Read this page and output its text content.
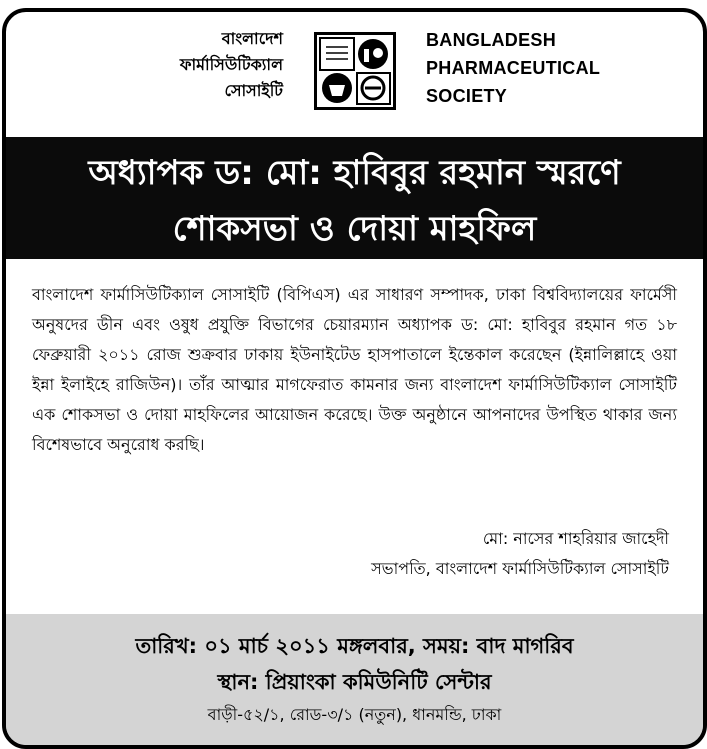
বাংলাদেশ
ফার্মাসিউটিক্যাল
সোসাইটি
BANGLADESH
PHARMACEUTICAL
SOCIETY
অধ্যাপক ড: মো: হাবিবুর রহমান স্মরণে
শোকসভা ও দোয়া মাহফিল
বাংলাদেশ ফার্মাসিউটিক্যাল সোসাইটি (বিপিএস) এর সাধারণ সম্পাদক, ঢাকা বিশ্ববিদ্যালয়ের ফার্মেসী অনুষদের ডীন এবং ওষুধ প্রযুক্তি বিভাগের চেয়ারম্যান অধ্যাপক ড: মো: হাবিবুর রহমান গত ১৮ ফেব্রুয়ারী ২০১১ রোজ শুক্রবার ঢাকায় ইউনাইটেড হাসপাতালে ইন্তেকাল করেছেন (ইন্নালিল্লাহে ওয়া ইন্না ইলাইহে রাজিউন)। তাঁর আত্মার মাগফেরাত কামনার জন্য বাংলাদেশ ফার্মাসিউটিক্যাল সোসাইটি এক শোকসভা ও দোয়া মাহফিলের আয়োজন করেছে। উক্ত অনুষ্ঠানে আপনাদের উপস্থিত থাকার জন্য বিশেষভাবে অনুরোধ করছি।
মো: নাসের শাহরিয়ার জাহেদী
সভাপতি, বাংলাদেশ ফার্মাসিউটিক্যাল সোসাইটি
তারিখ: ০১ মার্চ ২০১১ মঙ্গলবার, সময়: বাদ মাগরিব
স্থান: প্রিয়াংকা কমিউনিটি সেন্টার
বাড়ী-৫২/১, রোড-৩/১ (নতুন), ধানমন্ডি, ঢাকা
